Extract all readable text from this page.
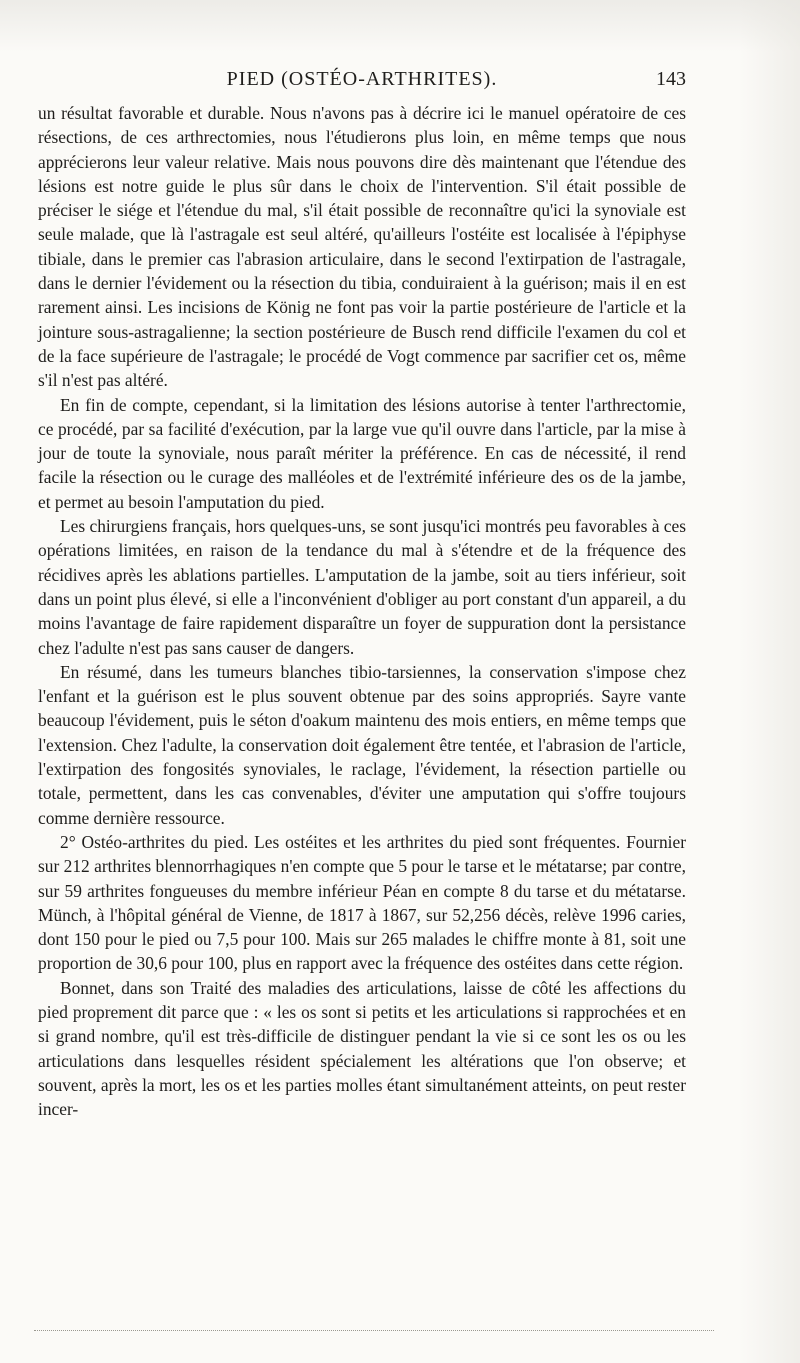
PIED (OSTÉO-ARTHRITES).	143

un résultat favorable et durable. Nous n'avons pas à décrire ici le manuel opératoire de ces résections, de ces arthrectomies, nous l'étudierons plus loin, en même temps que nous apprécierons leur valeur relative. Mais nous pouvons dire dès maintenant que l'étendue des lésions est notre guide le plus sûr dans le choix de l'intervention. S'il était possible de préciser le siége et l'étendue du mal, s'il était possible de reconnaître qu'ici la synoviale est seule malade, que là l'astragale est seul altéré, qu'ailleurs l'ostéite est localisée à l'épiphyse tibiale, dans le premier cas l'abrasion articulaire, dans le second l'extirpation de l'astragale, dans le dernier l'évidement ou la résection du tibia, conduiraient à la guérison; mais il en est rarement ainsi. Les incisions de König ne font pas voir la partie postérieure de l'article et la jointure sous-astragalienne; la section postérieure de Busch rend difficile l'examen du col et de la face supérieure de l'astragale; le procédé de Vogt commence par sacrifier cet os, même s'il n'est pas altéré.

En fin de compte, cependant, si la limitation des lésions autorise à tenter l'arthrectomie, ce procédé, par sa facilité d'exécution, par la large vue qu'il ouvre dans l'article, par la mise à jour de toute la synoviale, nous paraît mériter la préférence. En cas de nécessité, il rend facile la résection ou le curage des malléoles et de l'extrémité inférieure des os de la jambe, et permet au besoin l'amputation du pied.

Les chirurgiens français, hors quelques-uns, se sont jusqu'ici montrés peu favorables à ces opérations limitées, en raison de la tendance du mal à s'étendre et de la fréquence des récidives après les ablations partielles. L'amputation de la jambe, soit au tiers inférieur, soit dans un point plus élevé, si elle a l'inconvénient d'obliger au port constant d'un appareil, a du moins l'avantage de faire rapidement disparaître un foyer de suppuration dont la persistance chez l'adulte n'est pas sans causer de dangers.

En résumé, dans les tumeurs blanches tibio-tarsiennes, la conservation s'impose chez l'enfant et la guérison est le plus souvent obtenue par des soins appropriés. Sayre vante beaucoup l'évidement, puis le séton d'oakum maintenu des mois entiers, en même temps que l'extension. Chez l'adulte, la conservation doit également être tentée, et l'abrasion de l'article, l'extirpation des fongosités synoviales, le raclage, l'évidement, la résection partielle ou totale, permettent, dans les cas convenables, d'éviter une amputation qui s'offre toujours comme dernière ressource.

2° Ostéo-arthrites du pied. Les ostéites et les arthrites du pied sont fréquentes. Fournier sur 212 arthrites blennorrhagiques n'en compte que 5 pour le tarse et le métatarse; par contre, sur 59 arthrites fongueuses du membre inférieur Péan en compte 8 du tarse et du métatarse. Münch, à l'hôpital général de Vienne, de 1817 à 1867, sur 52,256 décès, relève 1996 caries, dont 150 pour le pied ou 7,5 pour 100. Mais sur 265 malades le chiffre monte à 81, soit une proportion de 30,6 pour 100, plus en rapport avec la fréquence des ostéites dans cette région.

Bonnet, dans son Traité des maladies des articulations, laisse de côté les affections du pied proprement dit parce que : « les os sont si petits et les articulations si rapprochées et en si grand nombre, qu'il est très-difficile de distinguer pendant la vie si ce sont les os ou les articulations dans lesquelles résident spécialement les altérations que l'on observe; et souvent, après la mort, les os et les parties molles étant simultanément atteints, on peut rester incer-
